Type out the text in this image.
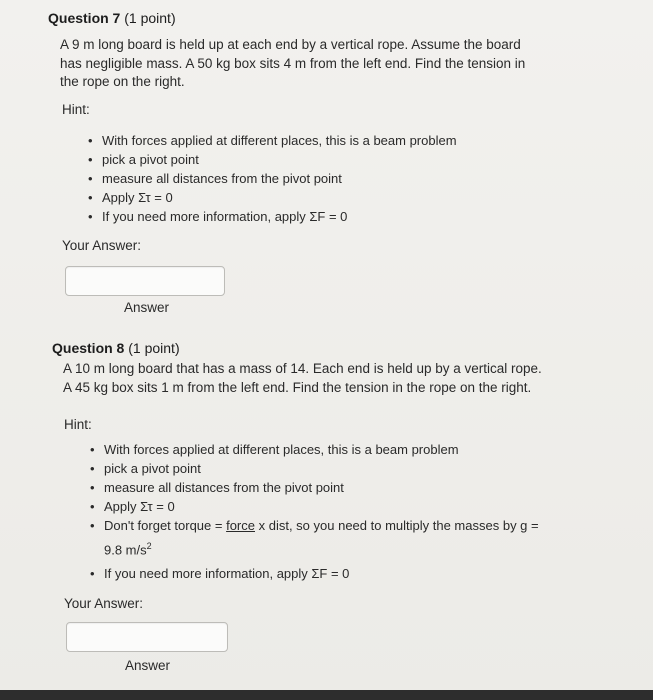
Question 7 (1 point)
A 9 m long board is held up at each end by a vertical rope. Assume the board has negligible mass. A 50 kg box sits 4 m from the left end. Find the tension in the rope on the right.
Hint:
• With forces applied at different places, this is a beam problem
• pick a pivot point
• measure all distances from the pivot point
• Apply Στ = 0
• If you need more information, apply ΣF = 0
Your Answer:
Answer
Question 8 (1 point)
A 10 m long board that has a mass of 14. Each end is held up by a vertical rope. A 45 kg box sits 1 m from the left end. Find the tension in the rope on the right.
Hint:
• With forces applied at different places, this is a beam problem
• pick a pivot point
• measure all distances from the pivot point
• Apply Στ = 0
• Don't forget torque = force x dist, so you need to multiply the masses by g =
9.8 $m/s^2$
• If you need more information, apply ΣF = 0
Your Answer:
Answer
